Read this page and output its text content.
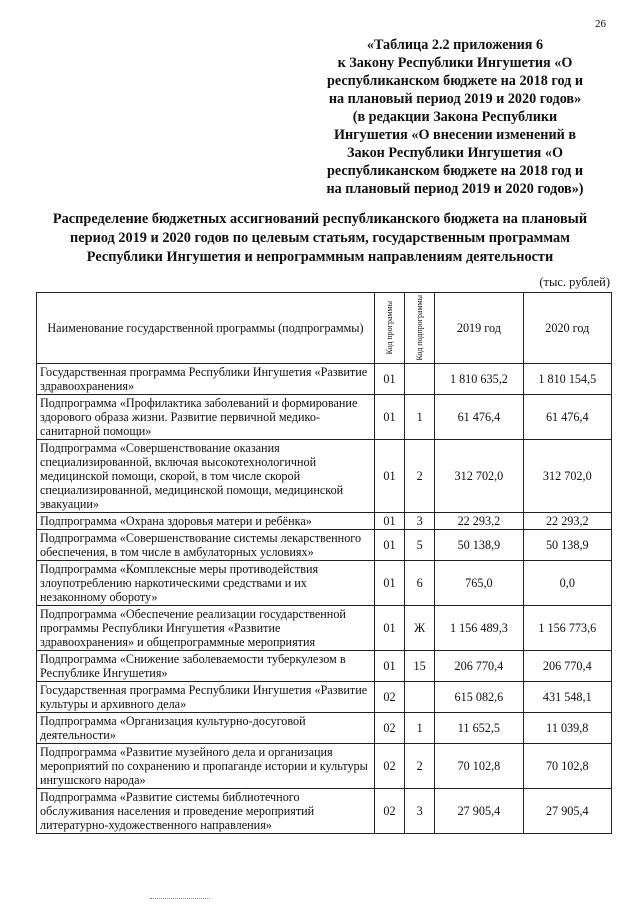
26
«Таблица 2.2 приложения 6
к Закону Республики Ингушетия «О
республиканском бюджете на 2018 год и
на плановый период 2019 и 2020 годов»
(в редакции Закона Республики
Ингушетия «О внесении изменений в
Закон Республики Ингушетия «О
республиканском бюджете на 2018 год и
на плановый период 2019 и 2020 годов»)
Распределение бюджетных ассигнований республиканского бюджета на плановый
период 2019 и 2020 годов по целевым статьям, государственным программам
Республики Ингушетия и непрограммным направлениям деятельности
(тыс. рублей)
Наименование государственной программы (подпрограммы)	Код программы	Код подпрограммы	2019 год	2020 год
Государственная программа Республики Ингушетия «Развитие здравоохранения»	01		1 810 635,2	1 810 154,5
Подпрограмма «Профилактика заболеваний и формирование здорового образа жизни. Развитие первичной медико-санитарной помощи»	01	1	61 476,4	61 476,4
Подпрограмма «Совершенствование оказания специализированной, включая высокотехнологичной медицинской помощи, скорой, в том числе скорой специализированной, медицинской помощи, медицинской эвакуации»	01	2	312 702,0	312 702,0
Подпрограмма «Охрана здоровья матери и ребёнка»	01	3	22 293,2	22 293,2
Подпрограмма «Совершенствование системы лекарственного обеспечения, в том числе в амбулаторных условиях»	01	5	50 138,9	50 138,9
Подпрограмма «Комплексные меры противодействия злоупотреблению наркотическими средствами и их незаконному обороту»	01	6	765,0	0,0
Подпрограмма «Обеспечение реализации государственной программы Республики Ингушетия «Развитие здравоохранения» и общепрограммные мероприятия	01	Ж	1 156 489,3	1 156 773,6
Подпрограмма «Снижение заболеваемости туберкулезом в Республике Ингушетия»	01	15	206 770,4	206 770,4
Государственная программа Республики Ингушетия «Развитие культуры и архивного дела»	02		615 082,6	431 548,1
Подпрограмма «Организация культурно-досуговой деятельности»	02	1	11 652,5	11 039,8
Подпрограмма «Развитие музейного дела и организация мероприятий по сохранению и пропаганде истории и культуры ингушского народа»	02	2	70 102,8	70 102,8
Подпрограмма «Развитие системы библиотечного обслуживания населения и проведение мероприятий литературно-художественного направления»	02	3	27 905,4	27 905,4
